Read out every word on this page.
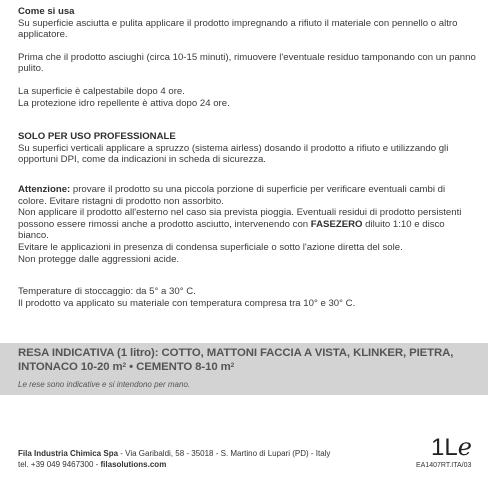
Come si usa

Su superficie asciutta e pulita applicare il prodotto impregnando a rifiuto il materiale con pennello o altro applicatore.

Prima che il prodotto asciughi (circa 10-15 minuti), rimuovere l'eventuale residuo tamponando con un panno pulito.

La superficie è calpestabile dopo 4 ore.

La protezione idro repellente è attiva dopo 24 ore.

SOLO PER USO PROFESSIONALE

Su superfici verticali applicare a spruzzo (sistema airless) dosando il prodotto a rifiuto e utilizzando gli opportuni DPI, come da indicazioni in scheda di sicurezza.

Attenzione: provare il prodotto su una piccola porzione di superficie per verificare eventuali cambi di colore. Evitare ristagni di prodotto non assorbito.

Non applicare il prodotto all'esterno nel caso sia prevista pioggia. Eventuali residui di prodotto persistenti possono essere rimossi anche a prodotto asciutto, intervenendo con FASEZERO diluito 1:10 e disco bianco.

Evitare le applicazioni in presenza di condensa superficiale o sotto l'azione diretta del sole.

Non protegge dalle aggressioni acide.

Temperature di stoccaggio: da 5° a 30° C.

Il prodotto va applicato su materiale con temperatura compresa tra 10° e 30° C.

RESA INDICATIVA (1 litro): COTTO, MATTONI FACCIA A VISTA, KLINKER, PIETRA, INTONACO 10-20 $m^2$ • CEMENTO 8-10 $m^2$
Le rese sono indicative e si intendono per mano.
Fila Industria Chimica Spa - Via Garibaldi, 58 - 35018 - S. Martino di Lupari (PD) - Italy
tel. +39 049 9467300 - filasolutions.com
1Lℯ
EA1407RT.ITA/03
